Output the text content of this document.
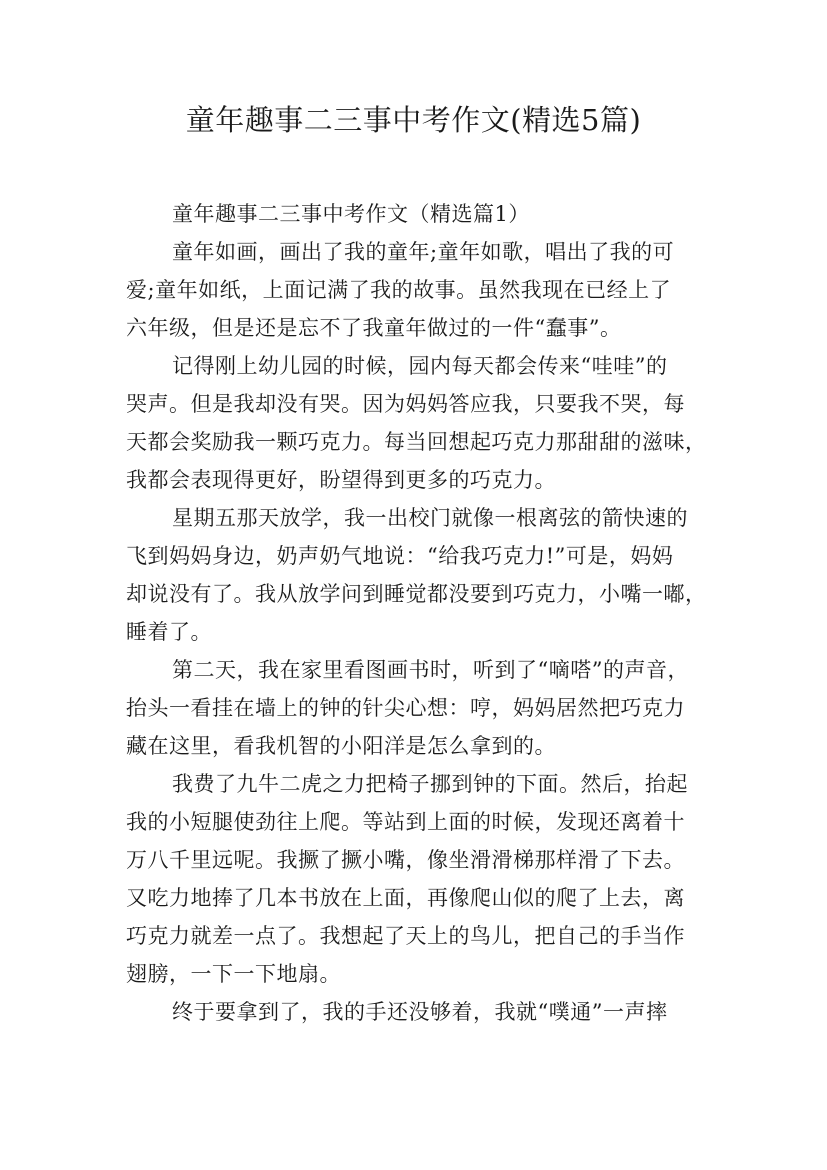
童年趣事二三事中考作文(精选5篇)

童年趣事二三事中考作文（精选篇1）

童年如画，画出了我的童年;童年如歌，唱出了我的可
爱;童年如纸，上面记满了我的故事。虽然我现在已经上了
六年级，但是还是忘不了我童年做过的一件“蠢事”。
记得刚上幼儿园的时候，园内每天都会传来“哇哇”的
哭声。但是我却没有哭。因为妈妈答应我，只要我不哭，每
天都会奖励我一颗巧克力。每当回想起巧克力那甜甜的滋味，
我都会表现得更好，盼望得到更多的巧克力。
星期五那天放学，我一出校门就像一根离弦的箭快速的
飞到妈妈身边，奶声奶气地说：“给我巧克力!”可是，妈妈
却说没有了。我从放学问到睡觉都没要到巧克力，小嘴一嘟，
睡着了。
第二天，我在家里看图画书时，听到了“嘀嗒”的声音，
抬头一看挂在墙上的钟的针尖心想：哼，妈妈居然把巧克力
藏在这里，看我机智的小阳洋是怎么拿到的。
我费了九牛二虎之力把椅子挪到钟的下面。然后，抬起
我的小短腿使劲往上爬。等站到上面的时候，发现还离着十
万八千里远呢。我撅了撅小嘴，像坐滑滑梯那样滑了下去。
又吃力地捧了几本书放在上面，再像爬山似的爬了上去，离
巧克力就差一点了。我想起了天上的鸟儿，把自己的手当作
翅膀，一下一下地扇。
终于要拿到了，我的手还没够着，我就“噗通”一声摔
